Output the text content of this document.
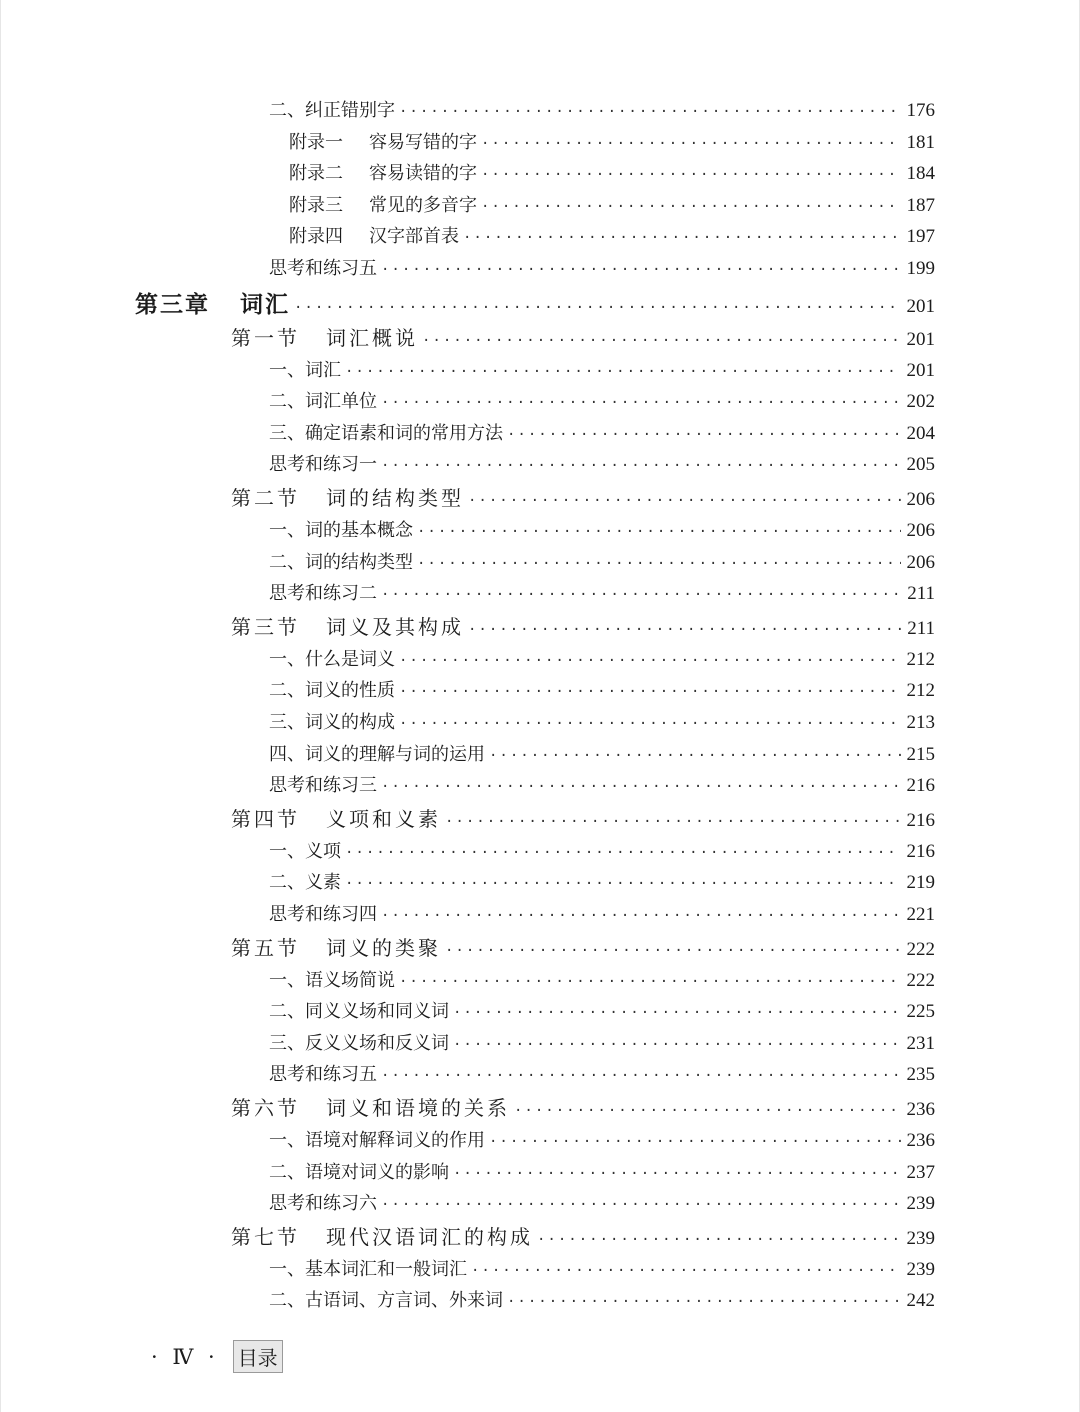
二、纠正错别字 ·····	176
附录一 容易写错的字 ·····	181
附录二 容易读错的字 ·····	184
附录三 常见的多音字 ·····	187
附录四 汉字部首表 ·····	197
思考和练习五 ·····	199
第三章 词汇 ·····	201
第一节 词汇概说 ·····	201
一、词汇 ·····	201
二、词汇单位 ·····	202
三、确定语素和词的常用方法 ·····	204
思考和练习一 ·····	205
第二节 词的结构类型 ·····	206
一、词的基本概念 ·····	206
二、词的结构类型 ·····	206
思考和练习二 ·····	211
第三节 词义及其构成 ·····	211
一、什么是词义 ·····	212
二、词义的性质 ·····	212
三、词义的构成 ·····	213
四、词义的理解与词的运用 ·····	215
思考和练习三 ·····	216
第四节 义项和义素 ·····	216
一、义项 ·····	216
二、义素 ·····	219
思考和练习四 ·····	221
第五节 词义的类聚 ·····	222
一、语义场简说 ·····	222
二、同义义场和同义词 ·····	225
三、反义义场和反义词 ·····	231
思考和练习五 ·····	235
第六节 词义和语境的关系 ·····	236
一、语境对解释词义的作用 ·····	236
二、语境对词义的影响 ·····	237
思考和练习六 ·····	239
第七节 现代汉语词汇的构成 ·····	239
一、基本词汇和一般词汇 ·····	239
二、古语词、方言词、外来词 ·····	242
· Ⅳ · 目录
